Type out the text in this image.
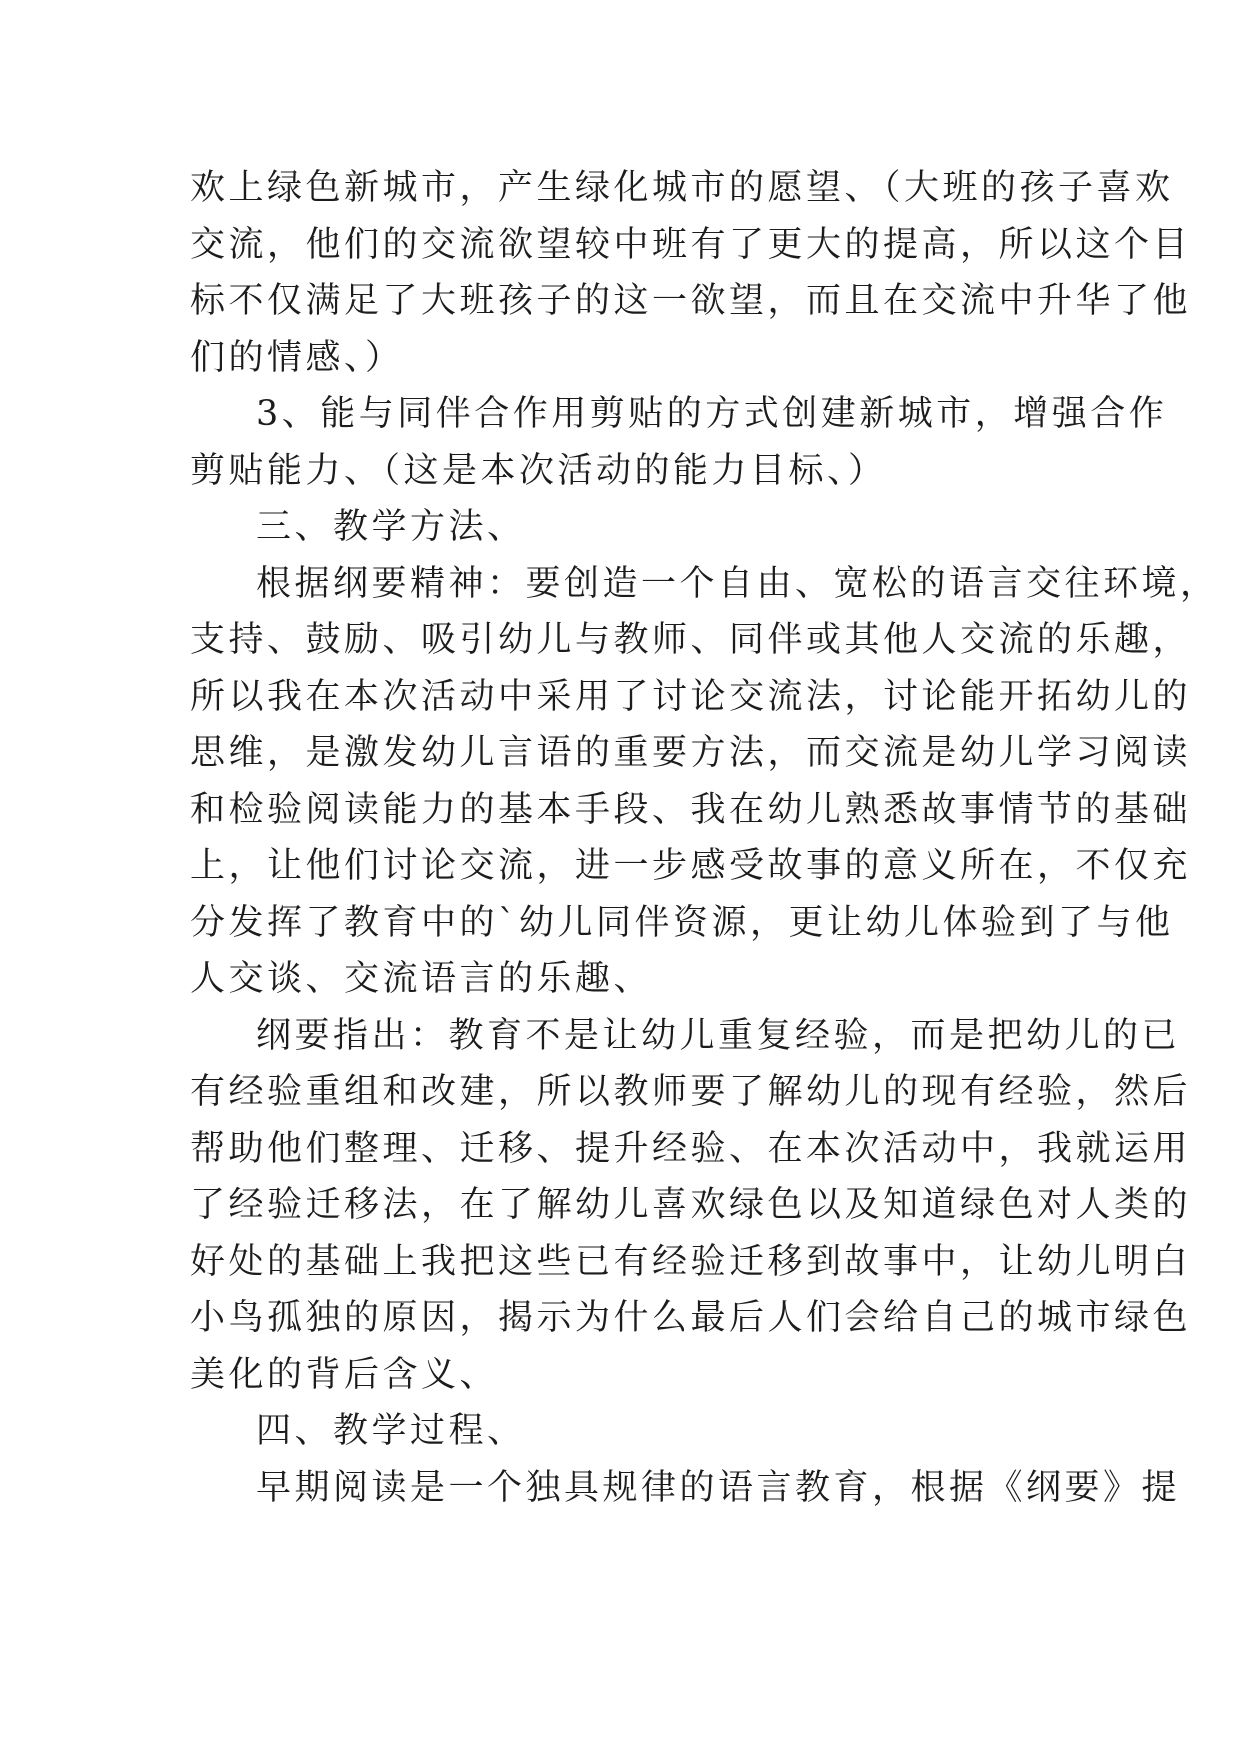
欢上绿色新城市，产生绿化城市的愿望、（大班的孩子喜欢
交流，他们的交流欲望较中班有了更大的提高，所以这个目
标不仅满足了大班孩子的这一欲望，而且在交流中升华了他
们的情感、）
3、能与同伴合作用剪贴的方式创建新城市，增强合作
剪贴能力、（这是本次活动的能力目标、）
三、教学方法、
根据纲要精神：要创造一个自由、宽松的语言交往环境，
支持、鼓励、吸引幼儿与教师、同伴或其他人交流的乐趣，
所以我在本次活动中采用了讨论交流法，讨论能开拓幼儿的
思维，是激发幼儿言语的重要方法，而交流是幼儿学习阅读
和检验阅读能力的基本手段、我在幼儿熟悉故事情节的基础
上，让他们讨论交流，进一步感受故事的意义所在，不仅充
分发挥了教育中的`幼儿同伴资源，更让幼儿体验到了与他
人交谈、交流语言的乐趣、
纲要指出：教育不是让幼儿重复经验，而是把幼儿的已
有经验重组和改建，所以教师要了解幼儿的现有经验，然后
帮助他们整理、迁移、提升经验、在本次活动中，我就运用
了经验迁移法，在了解幼儿喜欢绿色以及知道绿色对人类的
好处的基础上我把这些已有经验迁移到故事中，让幼儿明白
小鸟孤独的原因，揭示为什么最后人们会给自己的城市绿色
美化的背后含义、
四、教学过程、
早期阅读是一个独具规律的语言教育，根据《纲要》提
